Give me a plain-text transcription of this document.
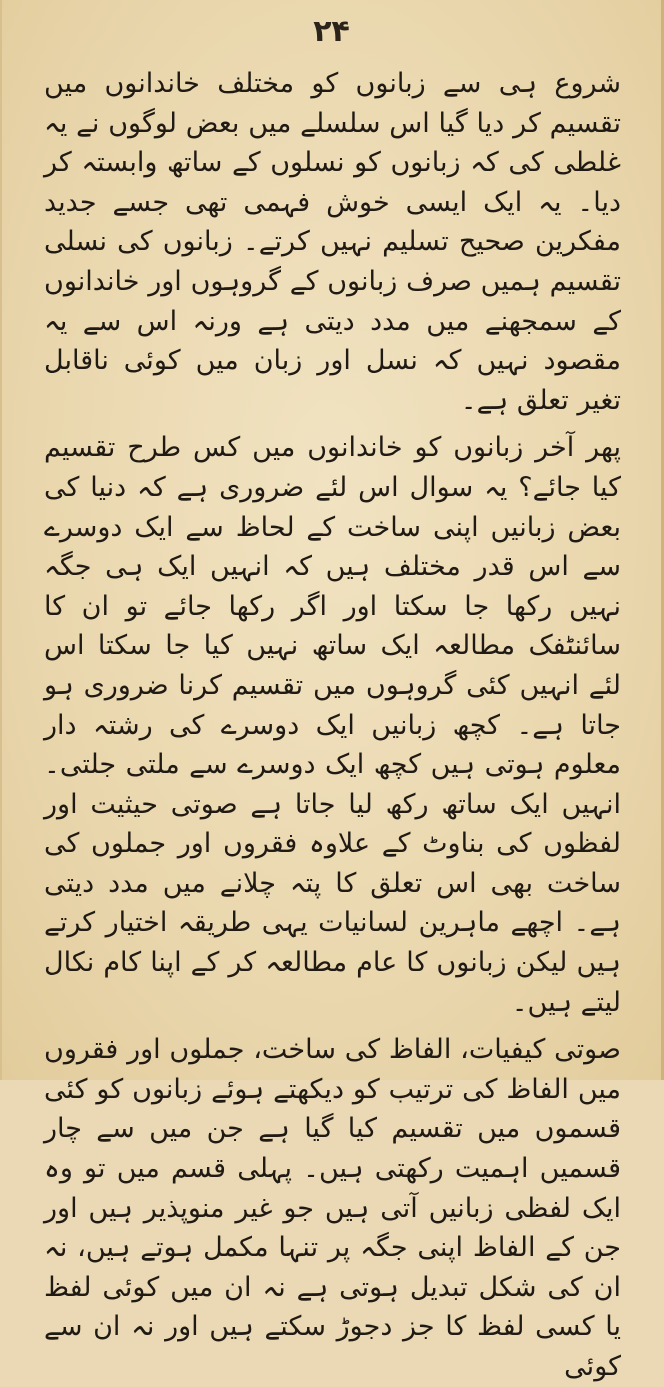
۲۴

شروع ہی سے زبانوں کو مختلف خاندانوں میں تقسیم کر دیا گیا اس سلسلے میں بعض لوگوں نے یہ غلطی کی کہ زبانوں کو نسلوں کے ساتھ وابستہ کر دیا۔ یہ ایک ایسی خوش فہمی تھی جسے جدید مفکرین صحیح تسلیم نہیں کرتے۔ زبانوں کی نسلی تقسیم ہمیں صرف زبانوں کے گروہوں اور خاندانوں کے سمجھنے میں مدد دیتی ہے ورنہ اس سے یہ مقصود نہیں کہ نسل اور زبان میں کوئی ناقابل تغیر تعلق ہے۔

پھر آخر زبانوں کو خاندانوں میں کس طرح تقسیم کیا جائے؟ یہ سوال اس لئے ضروری ہے کہ دنیا کی بعض زبانیں اپنی ساخت کے لحاظ سے ایک دوسرے سے اس قدر مختلف ہیں کہ انہیں ایک ہی جگہ نہیں رکھا جا سکتا اور اگر رکھا جائے تو ان کا سائنٹفک مطالعہ ایک ساتھ نہیں کیا جا سکتا اس لئے انہیں کئی گروہوں میں تقسیم کرنا ضروری ہو جاتا ہے۔ کچھ زبانیں ایک دوسرے کی رشتہ دار معلوم ہوتی ہیں کچھ ایک دوسرے سے ملتی جلتی۔ انہیں ایک ساتھ رکھ لیا جاتا ہے صوتی حیثیت اور لفظوں کی بناوٹ کے علاوہ فقروں اور جملوں کی ساخت بھی اس تعلق کا پتہ چلانے میں مدد دیتی ہے۔ اچھے ماہرین لسانیات یہی طریقہ اختیار کرتے ہیں لیکن زبانوں کا عام مطالعہ کر کے اپنا کام نکال لیتے ہیں۔

صوتی کیفیات، الفاظ کی ساخت، جملوں اور فقروں میں الفاظ کی ترتیب کو دیکھتے ہوئے زبانوں کو کئی قسموں میں تقسیم کیا گیا ہے جن میں سے چار قسمیں اہمیت رکھتی ہیں۔ پہلی قسم میں تو وہ ایک لفظی زبانیں آتی ہیں جو غیر منوپذیر ہیں اور جن کے الفاظ اپنی جگہ پر تنہا مکمل ہوتے ہیں، نہ ان کی شکل تبدیل ہوتی ہے نہ ان میں کوئی لفظ یا کسی لفظ کا جز دجوڑ سکتے ہیں اور نہ ان سے کوئی
